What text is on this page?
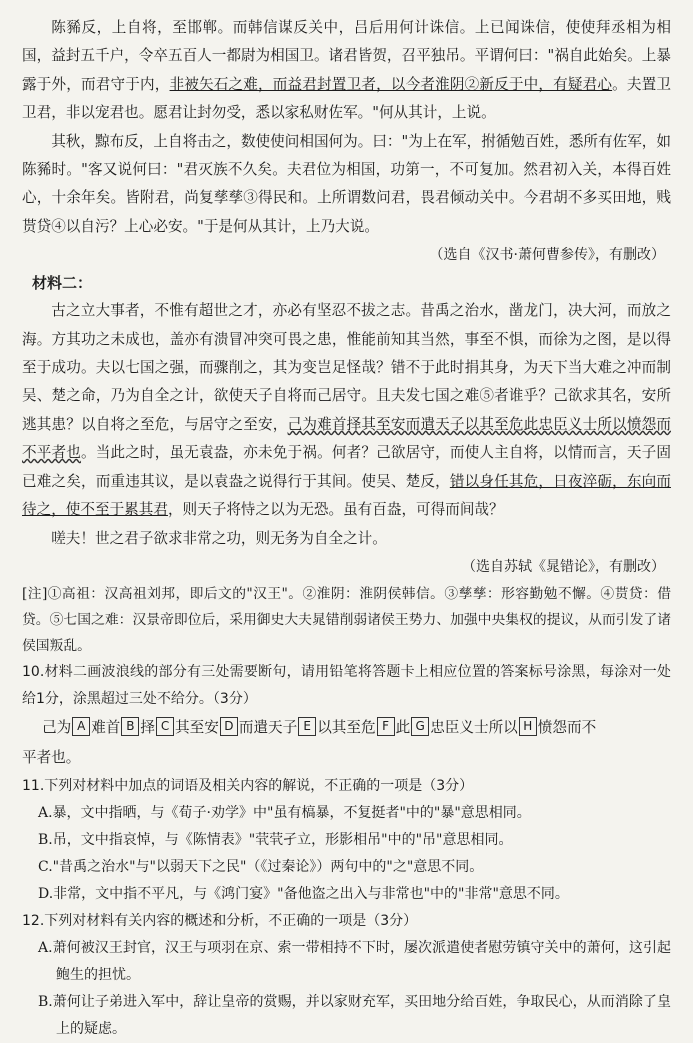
陈豨反，上自将，至邯郸。而韩信谋反关中，吕后用何计诛信。上已闻诛信，使使拜丞相为相国，益封五千户，令卒五百人一都尉为相国卫。诸君皆贺，召平独吊。平谓何曰："祸自此始矣。上暴露于外，而君守于内，非被矢石之难，而益君封置卫者，以今者淮阴②新反于中，有疑君心。夫置卫卫君，非以宠君也。愿君让封勿受，悉以家私财佐军。"何从其计，上说。

其秋，黥布反，上自将击之，数使使问相国何为。曰："为上在军，拊循勉百姓，悉所有佐军，如陈豨时。"客又说何曰："君灭族不久矣。夫君位为相国，功第一，不可复加。然君初入关，本得百姓心，十余年矣。皆附君，尚复孳孳③得民和。上所谓数问君，畏君倾动关中。今君胡不多买田地，贱贳贷④以自污？上心必安。"于是何从其计，上乃大说。

（选自《汉书·萧何曹参传》，有删改）

材料二：

古之立大事者，不惟有超世之才，亦必有坚忍不拔之志。昔禹之治水，凿龙门，决大河，而放之海。方其功之未成也，盖亦有溃冒冲突可畏之患，惟能前知其当然，事至不惧，而徐为之图，是以得至于成功。夫以七国之强，而骤削之，其为变岂足怪哉？错不于此时捐其身，为天下当大难之冲而制吴、楚之命，乃为自全之计，欲使天子自将而己居守。且夫发七国之难⑤者谁乎？己欲求其名，安所逃其患？以自将之至危，与居守之至安，己为难首择其至安而遣天子以其至危此忠臣义士所以愤怨而不平者也。当此之时，虽无袁盎，亦未免于祸。何者？己欲居守，而使人主自将，以情而言，天子固已难之矣，而重违其议，是以袁盎之说得行于其间。使吴、楚反，错以身任其危，日夜淬砺，东向而待之，使不至于累其君，则天子将恃之以为无恐。虽有百盎，可得而间哉？

嗟夫！世之君子欲求非常之功，则无务为自全之计。

（选自苏轼《晁错论》，有删改）

[注]①高祖：汉高祖刘邦，即后文的"汉王"。②淮阴：淮阴侯韩信。③孳孳：形容勤勉不懈。④贳贷：借贷。⑤七国之难：汉景帝即位后，采用御史大夫晁错削弱诸侯王势力、加强中央集权的提议，从而引发了诸侯国叛乱。

10.材料二画波浪线的部分有三处需要断句，请用铅笔将答题卡上相应位置的答案标号涂黑，每涂对一处给1分，涂黑超过三处不给分。（3分）

己为 A 难首 B 择 C 其至安 D 而遣天子 E 以其至危 F 此 G 忠臣义士所以 H 愤怨而不

平者也。

11.下列对材料中加点的词语及相关内容的解说，不正确的一项是（3分）

A.暴，文中指晒，与《荀子·劝学》中"虽有槁暴，不复挺者"中的"暴"意思相同。

B.吊，文中指哀悼，与《陈情表》"茕茕孑立，形影相吊"中的"吊"意思相同。

C."昔禹之治水"与"以弱天下之民"（《过秦论》）两句中的"之"意思不同。

D.非常，文中指不平凡，与《鸿门宴》"备他盗之出入与非常也"中的"非常"意思不同。

12.下列对材料有关内容的概述和分析，不正确的一项是（3分）

A.萧何被汉王封官，汉王与项羽在京、索一带相持不下时，屡次派遣使者慰劳镇守关中的萧何，这引起鲍生的担忧。

B.萧何让子弟进入军中，辞让皇帝的赏赐，并以家财充军，买田地分给百姓，争取民心，从而消除了皇上的疑虑。
